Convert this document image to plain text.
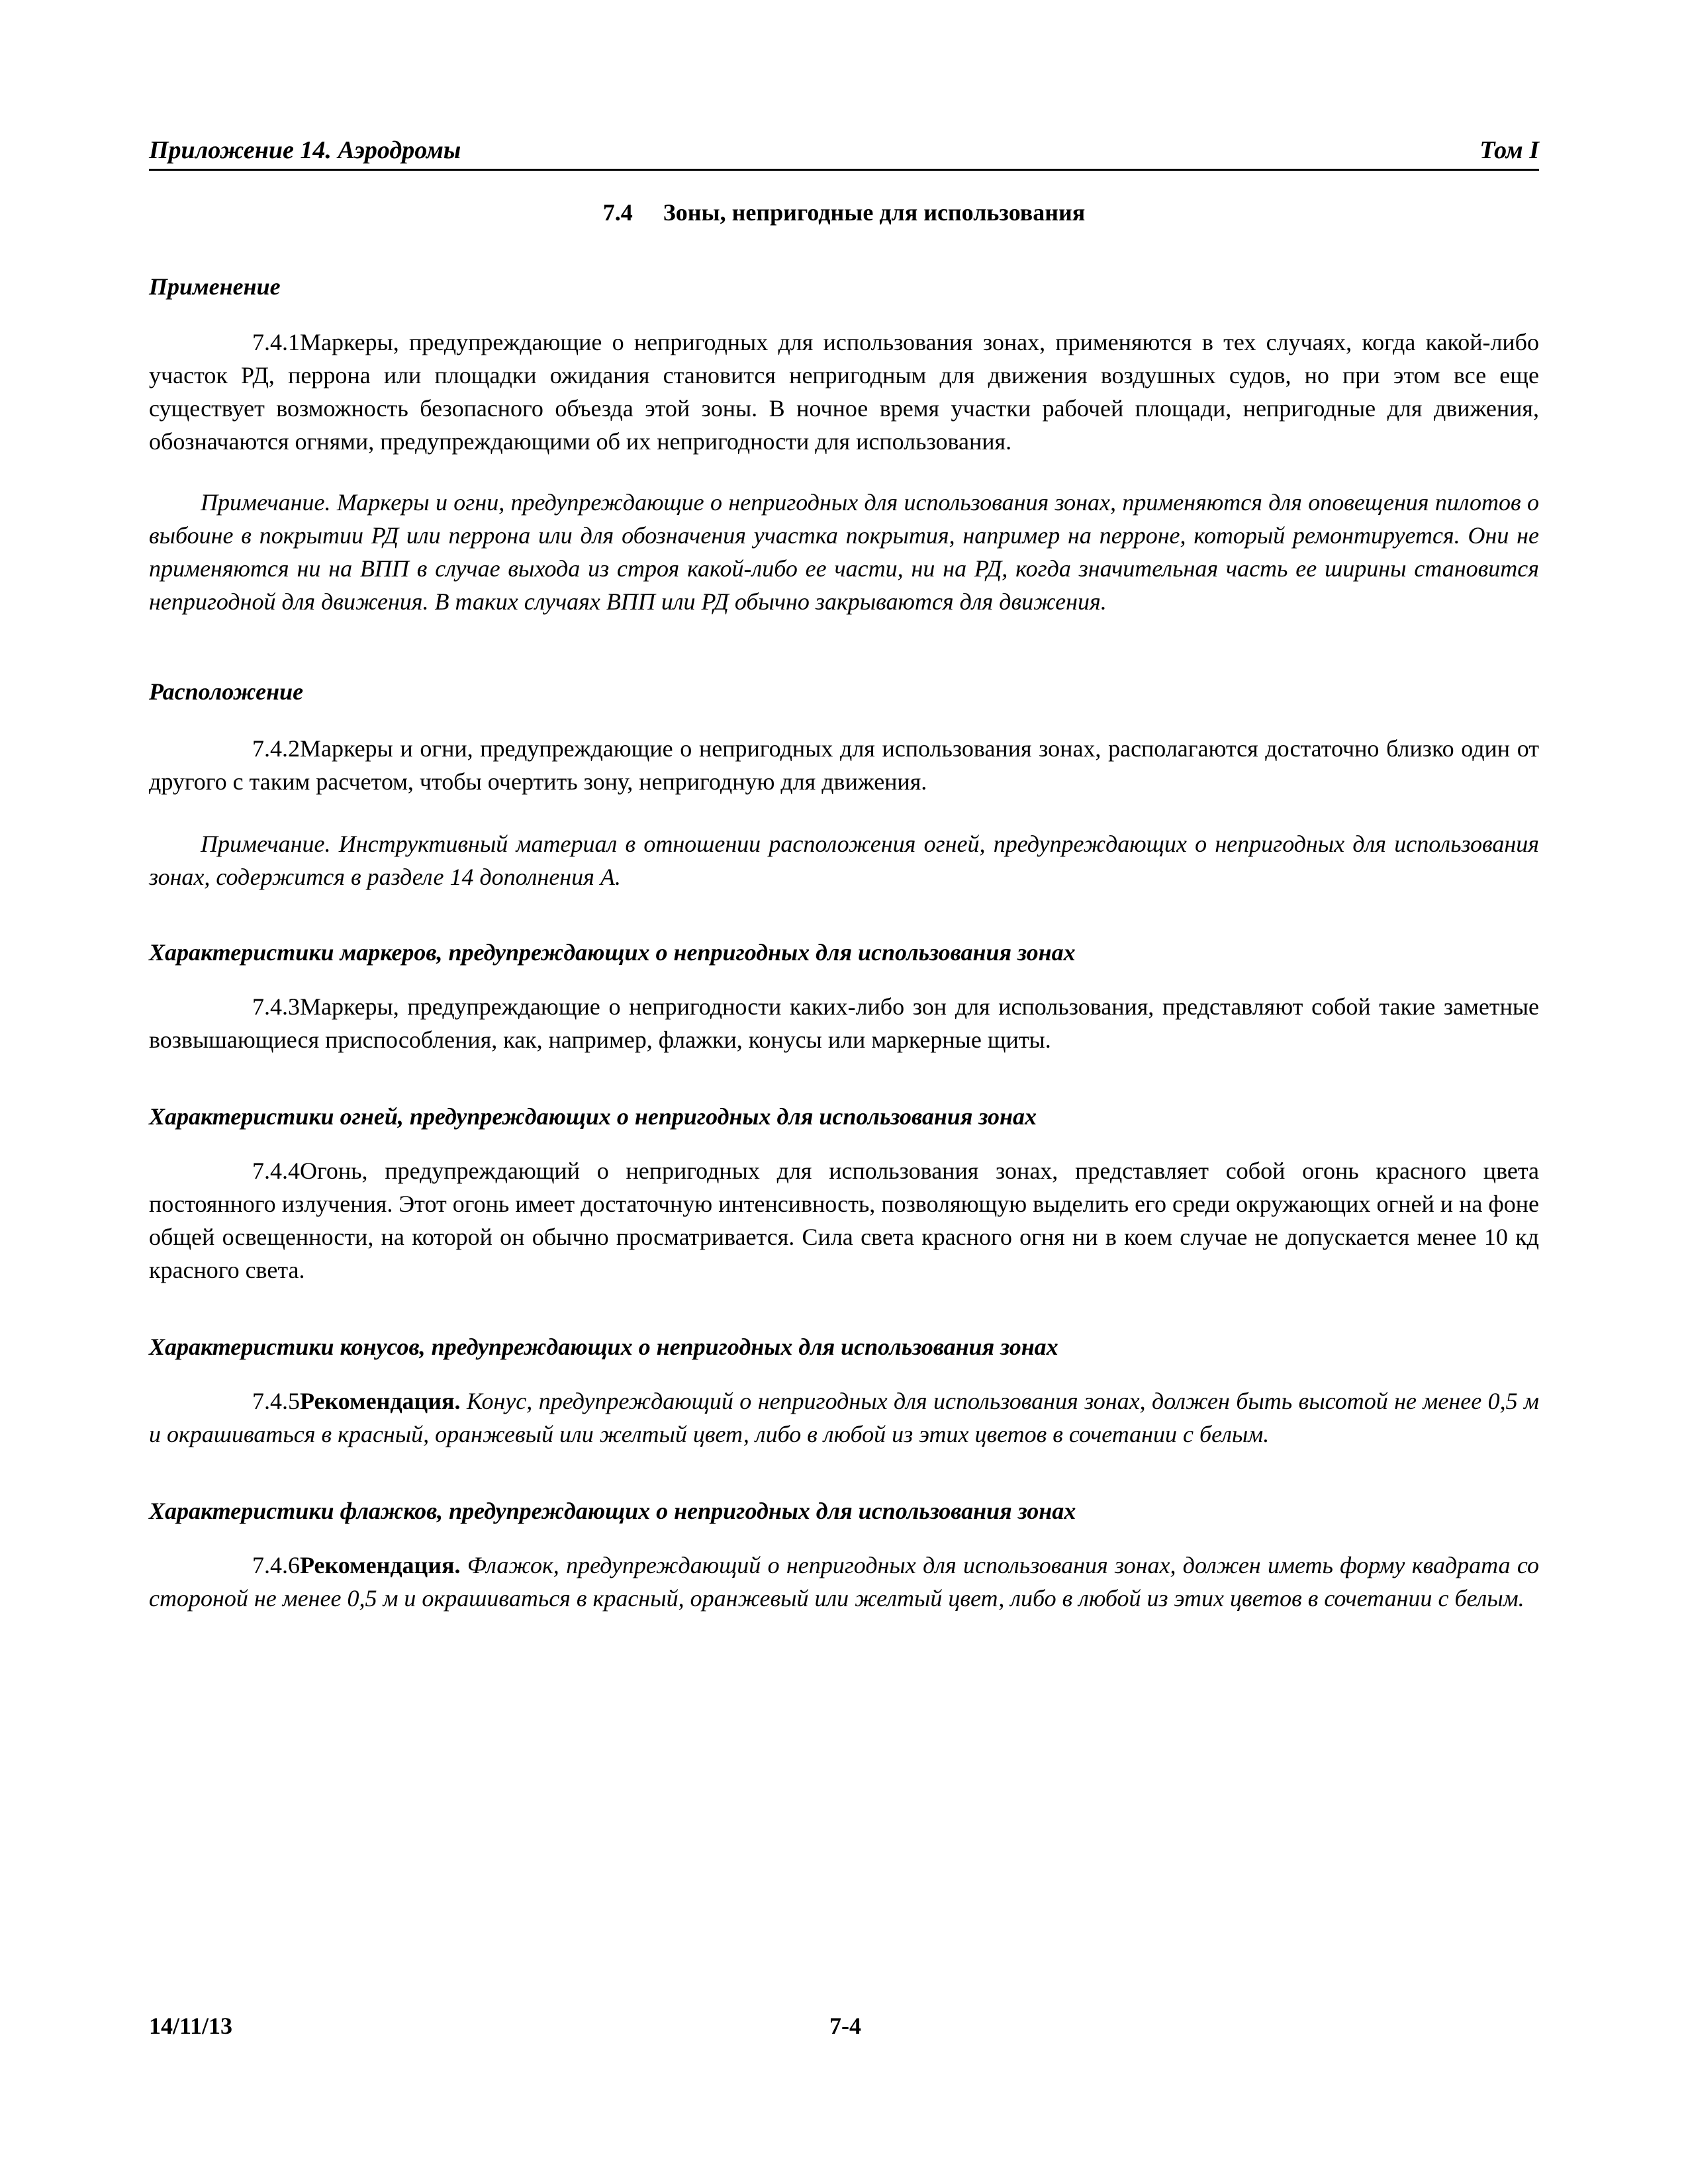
Приложение 14. Аэродромы	Том I
7.4 Зоны, непригодные для использования

Применение

7.4.1Маркеры, предупреждающие о непригодных для использования зонах, применяются в тех случаях, когда какой-либо участок РД, перрона или площадки ожидания становится непригодным для движения воздушных судов, но при этом все еще существует возможность безопасного объезда этой зоны. В ночное время участки рабочей площади, непригодные для движения, обозначаются огнями, предупреждающими об их непригодности для использования.

Примечание. Маркеры и огни, предупреждающие о непригодных для использования зонах, применяются для оповещения пилотов о выбоине в покрытии РД или перрона или для обозначения участка покрытия, например на перроне, который ремонтируется. Они не применяются ни на ВПП в случае выхода из строя какой-либо ее части, ни на РД, когда значительная часть ее ширины становится непригодной для движения. В таких случаях ВПП или РД обычно закрываются для движения.

Расположение

7.4.2Маркеры и огни, предупреждающие о непригодных для использования зонах, располагаются достаточно близко один от другого с таким расчетом, чтобы очертить зону, непригодную для движения.

Примечание. Инструктивный материал в отношении расположения огней, предупреждающих о непригодных для использования зонах, содержится в разделе 14 дополнения А.

Характеристики маркеров, предупреждающих о непригодных для использования зонах

7.4.3Маркеры, предупреждающие о непригодности каких-либо зон для использования, представляют собой такие заметные возвышающиеся приспособления, как, например, флажки, конусы или маркерные щиты.

Характеристики огней, предупреждающих о непригодных для использования зонах

7.4.4Огонь, предупреждающий о непригодных для использования зонах, представляет собой огонь красного цвета постоянного излучения. Этот огонь имеет достаточную интенсивность, позволяющую выделить его среди окружающих огней и на фоне общей освещенности, на которой он обычно просматривается. Сила света красного огня ни в коем случае не допускается менее 10 кд красного света.

Характеристики конусов, предупреждающих о непригодных для использования зонах

7.4.5Рекомендация. Конус, предупреждающий о непригодных для использования зонах, должен быть высотой не менее 0,5 м и окрашиваться в красный, оранжевый или желтый цвет, либо в любой из этих цветов в сочетании с белым.

Характеристики флажков, предупреждающих о непригодных для использования зонах

7.4.6Рекомендация. Флажок, предупреждающий о непригодных для использования зонах, должен иметь форму квадрата со стороной не менее 0,5 м и окрашиваться в красный, оранжевый или желтый цвет, либо в любой из этих цветов в сочетании с белым.

14/11/13	7-4
